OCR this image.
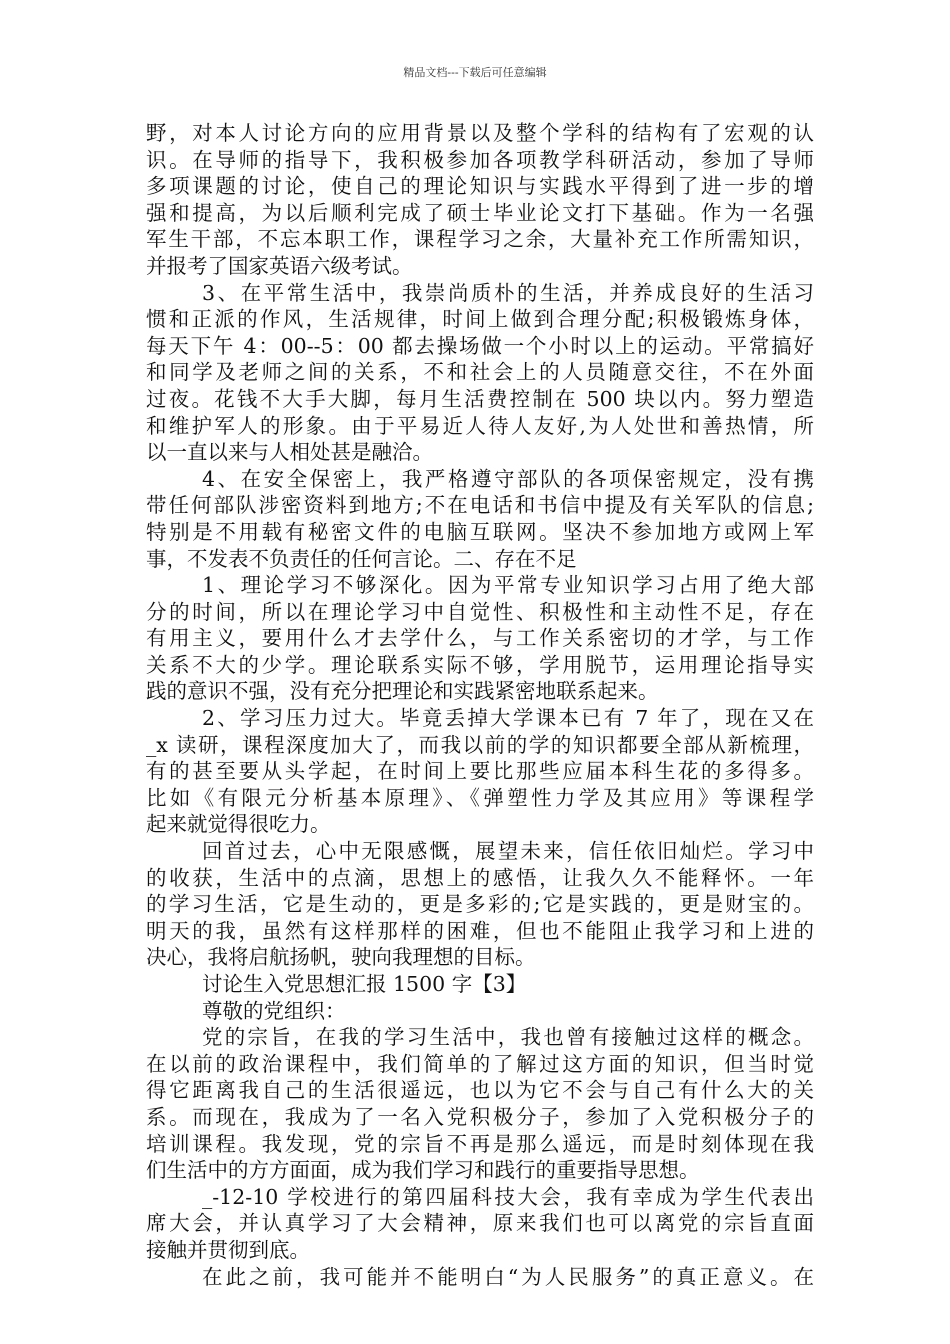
精品文档---下载后可任意编辑
野，对本人讨论方向的应用背景以及整个学科的结构有了宏观的认
识。在导师的指导下，我积极参加各项教学科研活动，参加了导师
多项课题的讨论，使自己的理论知识与实践水平得到了进一步的增
强和提高，为以后顺利完成了硕士毕业论文打下基础。作为一名强
军生干部，不忘本职工作，课程学习之余，大量补充工作所需知识，
并报考了国家英语六级考试。
3、在平常生活中，我崇尚质朴的生活，并养成良好的生活习
惯和正派的作风，生活规律，时间上做到合理分配;积极锻炼身体，
每天下午 4：00--5：00 都去操场做一个小时以上的运动。平常搞好
和同学及老师之间的关系，不和社会上的人员随意交往，不在外面
过夜。花钱不大手大脚，每月生活费控制在 500 块以内。努力塑造
和维护军人的形象。由于平易近人待人友好,为人处世和善热情，所
以一直以来与人相处甚是融洽。
4、在安全保密上，我严格遵守部队的各项保密规定，没有携
带任何部队涉密资料到地方;不在电话和书信中提及有关军队的信息;
特别是不用载有秘密文件的电脑互联网。坚决不参加地方或网上军
事，不发表不负责任的任何言论。二、存在不足
1、理论学习不够深化。因为平常专业知识学习占用了绝大部
分的时间，所以在理论学习中自觉性、积极性和主动性不足，存在
有用主义，要用什么才去学什么，与工作关系密切的才学，与工作
关系不大的少学。理论联系实际不够，学用脱节，运用理论指导实
践的意识不强，没有充分把理论和实践紧密地联系起来。
2、学习压力过大。毕竟丢掉大学课本已有 7 年了，现在又在
_x 读研，课程深度加大了，而我以前的学的知识都要全部从新梳理，
有的甚至要从头学起，在时间上要比那些应届本科生花的多得多。
比如《有限元分析基本原理》、《弹塑性力学及其应用》等课程学
起来就觉得很吃力。
回首过去，心中无限感慨，展望未来，信任依旧灿烂。学习中
的收获，生活中的点滴，思想上的感悟，让我久久不能释怀。一年
的学习生活，它是生动的，更是多彩的;它是实践的，更是财宝的。
明天的我，虽然有这样那样的困难，但也不能阻止我学习和上进的
决心，我将启航扬帆，驶向我理想的目标。
讨论生入党思想汇报 1500 字【3】
尊敬的党组织：
党的宗旨，在我的学习生活中，我也曾有接触过这样的概念。
在以前的政治课程中，我们简单的了解过这方面的知识，但当时觉
得它距离我自己的生活很遥远，也以为它不会与自己有什么大的关
系。而现在，我成为了一名入党积极分子，参加了入党积极分子的
培训课程。我发现，党的宗旨不再是那么遥远，而是时刻体现在我
们生活中的方方面面，成为我们学习和践行的重要指导思想。
_-12-10 学校进行的第四届科技大会，我有幸成为学生代表出
席大会，并认真学习了大会精神，原来我们也可以离党的宗旨直面
接触并贯彻到底。
在此之前，我可能并不能明白“为人民服务”的真正意义。在
